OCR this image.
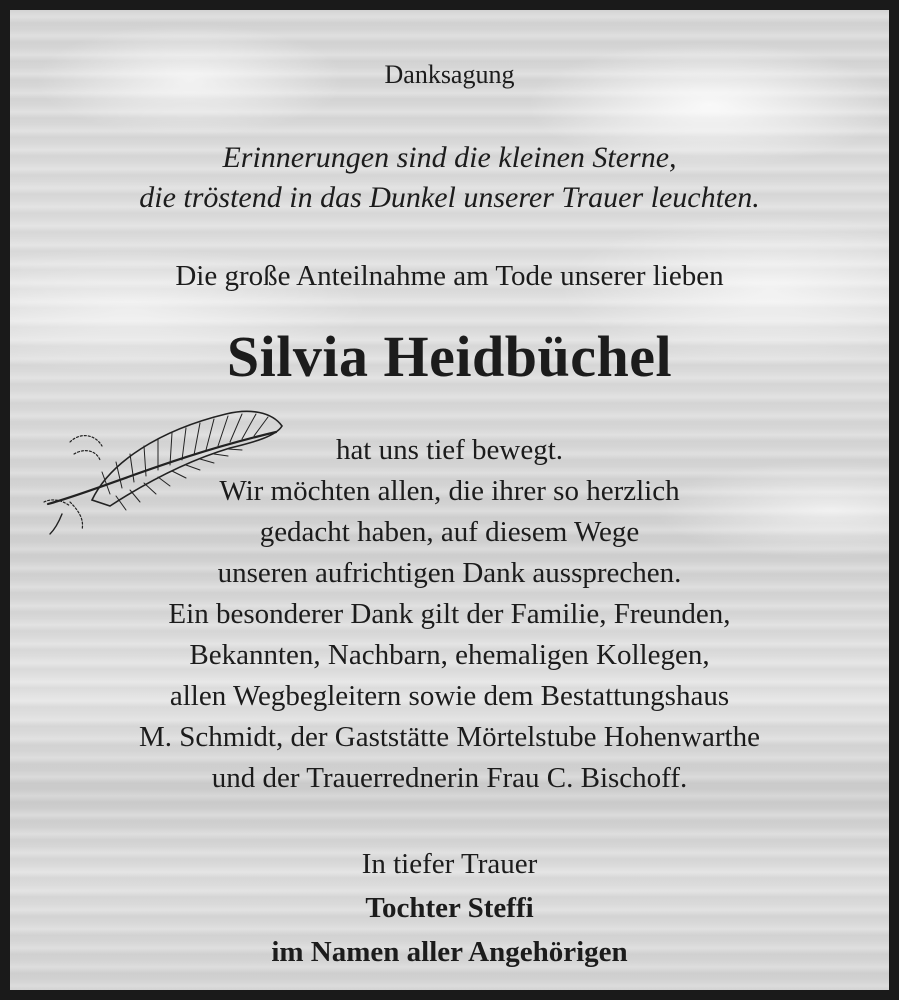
Danksagung
Erinnerungen sind die kleinen Sterne,
die tröstend in das Dunkel unserer Trauer leuchten.
Die große Anteilnahme am Tode unserer lieben
Silvia Heidbüchel
hat uns tief bewegt.
Wir möchten allen, die ihrer so herzlich
gedacht haben, auf diesem Wege
unseren aufrichtigen Dank aussprechen.
Ein besonderer Dank gilt der Familie, Freunden,
Bekannten, Nachbarn, ehemaligen Kollegen,
allen Wegbegleitern sowie dem Bestattungshaus
M. Schmidt, der Gaststätte Mörtelstube Hohenwarthe
und der Trauerrednerin Frau C. Bischoff.
In tiefer Trauer
Tochter Steffi
im Namen aller Angehörigen
